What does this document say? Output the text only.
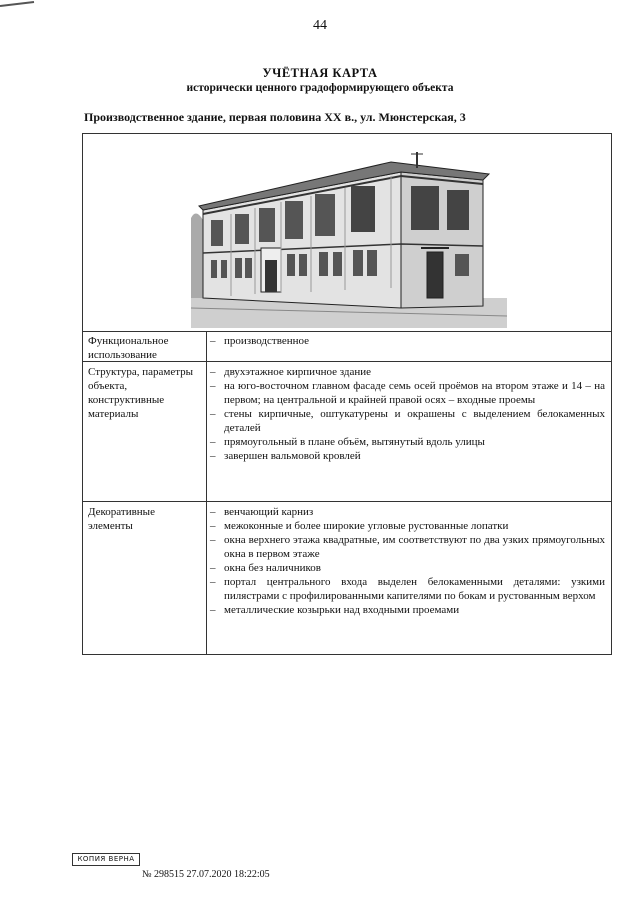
44
УЧЁТНАЯ КАРТА
исторически ценного градоформирующего объекта
Производственное здание, первая половина XX в., ул. Мюнстерская, 3
Функциональное использование
– производственное
Структура, параметры объекта, конструктивные материалы
– двухэтажное кирпичное здание
– на юго-восточном главном фасаде семь осей проёмов на втором этаже и 14 – на первом; на центральной и крайней правой осях – входные проемы
– стены кирпичные, оштукатурены и окрашены с выделением белокаменных деталей
– прямоугольный в плане объём, вытянутый вдоль улицы
– завершен вальмовой кровлей
Декоративные элементы
– венчающий карниз
– межоконные и более широкие угловые рустованные лопатки
– окна верхнего этажа квадратные, им соответствуют по два узких прямоугольных окна в первом этаже
– окна без наличников
– портал центрального входа выделен белокаменными деталями: узкими пилястрами с профилированными капителями по бокам и рустованным верхом
– металлические козырьки над входными проемами
КОПИЯ ВЕРНА
№ 298515 27.07.2020 18:22:05
